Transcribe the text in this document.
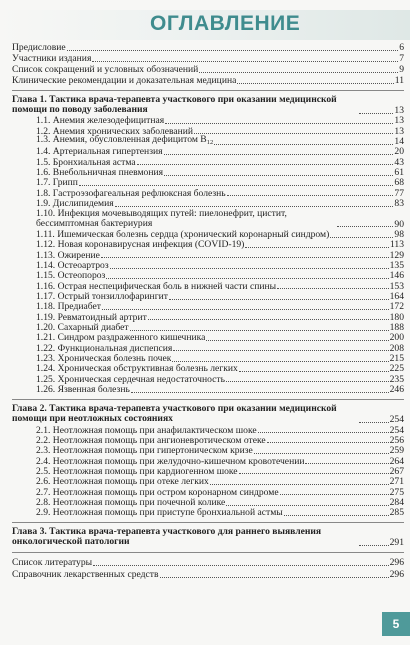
ОГЛАВЛЕНИЕ
Предисловие	6
Участники издания	7
Список сокращений и условных обозначений	9
Клинические рекомендации и доказательная медицина	11
Глава 1. Тактика врача-терапевта участкового при оказании медицинской помощи по поводу заболевания	13
1.1. Анемия железодефицитная	13
1.2. Анемия хронических заболеваний	13
1.3. Анемия, обусловленная дефицитом $B_{12}$	14
1.4. Артериальная гипертензия	20
1.5. Бронхиальная астма	43
1.6. Внебольничная пневмония	61
1.7. Грипп	68
1.8. Гастроэзофагеальная рефлюксная болезнь	77
1.9. Дислипидемия	83
1.10. Инфекция мочевыводящих путей: пиелонефрит, цистит, бессимптомная бактериурия	90
1.11. Ишемическая болезнь сердца (хронический коронарный синдром)	98
1.12. Новая коронавирусная инфекция (COVID-19)	113
1.13. Ожирение	129
1.14. Остеоартроз	135
1.15. Остеопороз	146
1.16. Острая неспецифическая боль в нижней части спины	153
1.17. Острый тонзиллофарингит	164
1.18. Предиабет	172
1.19. Ревматоидный артрит	180
1.20. Сахарный диабет	188
1.21. Синдром раздраженного кишечника	200
1.22. Функциональная диспепсия	208
1.23. Хроническая болезнь почек	215
1.24. Хроническая обструктивная болезнь легких	225
1.25. Хроническая сердечная недостаточность	235
1.26. Язвенная болезнь	246
Глава 2. Тактика врача-терапевта участкового при оказании медицинской помощи при неотложных состояниях	254
2.1. Неотложная помощь при анафилактическом шоке	254
2.2. Неотложная помощь при ангионевротическом отеке	256
2.3. Неотложная помощь при гипертоническом кризе	259
2.4. Неотложная помощь при желудочно-кишечном кровотечении	264
2.5. Неотложная помощь при кардиогенном шоке	267
2.6. Неотложная помощь при отеке легких	271
2.7. Неотложная помощь при остром коронарном синдроме	275
2.8. Неотложная помощь при почечной колике	284
2.9. Неотложная помощь при приступе бронхиальной астмы	285
Глава 3. Тактика врача-терапевта участкового для раннего выявления онкологической патологии	291
Список литературы	296
Справочник лекарственных средств	296
5
